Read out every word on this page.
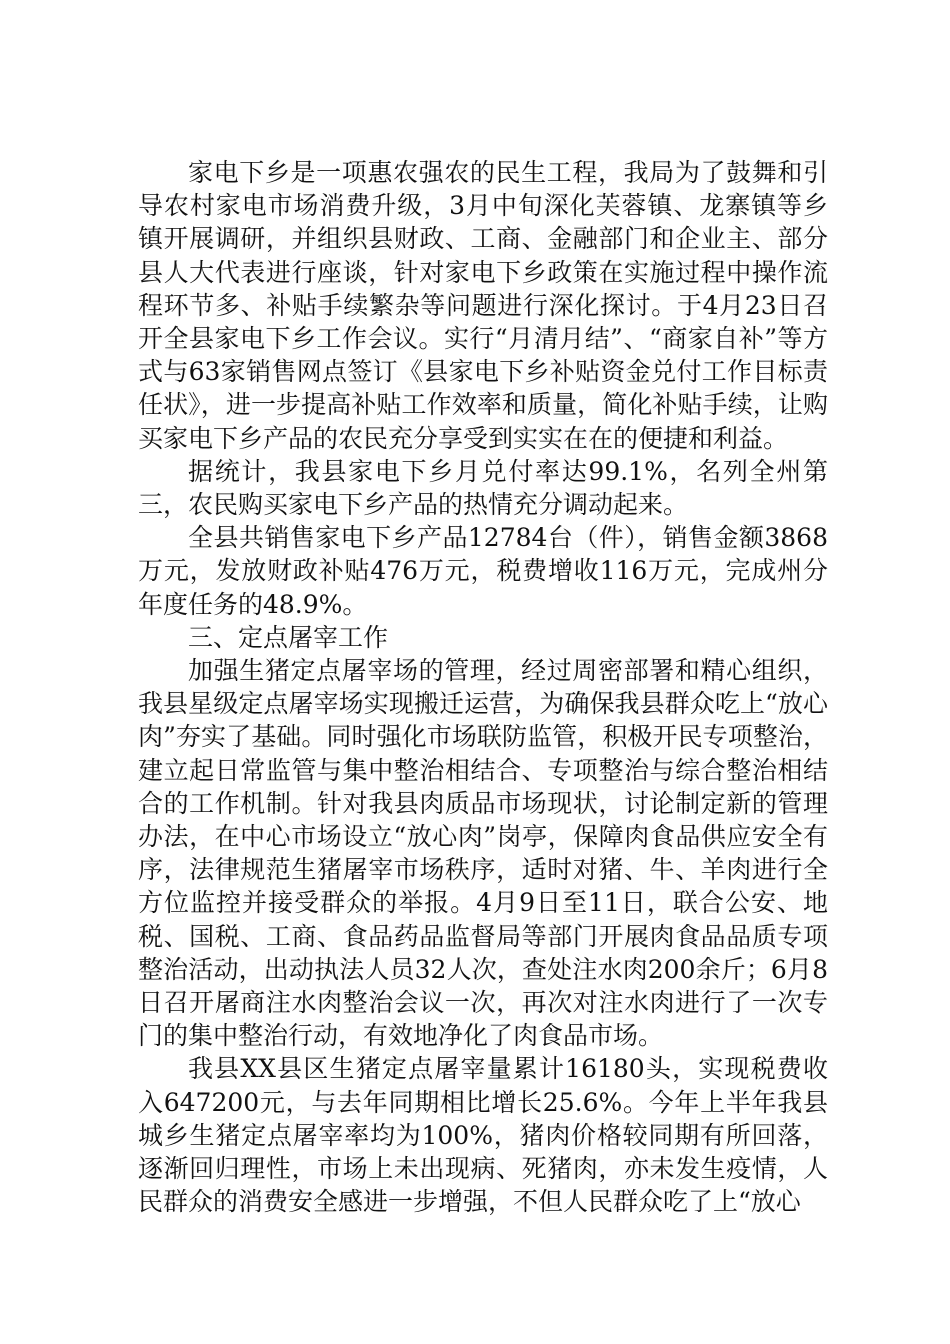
家电下乡是一项惠农强农的民生工程，我局为了鼓舞和引导农村家电市场消费升级，3月中旬深化芙蓉镇、龙寨镇等乡镇开展调研，并组织县财政、工商、金融部门和企业主、部分县人大代表进行座谈，针对家电下乡政策在实施过程中操作流程环节多、补贴手续繁杂等问题进行深化探讨。于4月23日召开全县家电下乡工作会议。实行“月清月结”、“商家自补”等方式与63家销售网点签订《县家电下乡补贴资金兑付工作目标责任状》，进一步提高补贴工作效率和质量，简化补贴手续，让购买家电下乡产品的农民充分享受到实实在在的便捷和利益。

据统计，我县家电下乡月兑付率达99.1%，名列全州第三，农民购买家电下乡产品的热情充分调动起来。

全县共销售家电下乡产品12784台（件），销售金额3868万元，发放财政补贴476万元，税费增收116万元，完成州分年度任务的48.9%。

三、定点屠宰工作

加强生猪定点屠宰场的管理，经过周密部署和精心组织，我县星级定点屠宰场实现搬迁运营，为确保我县群众吃上“放心肉”夯实了基础。同时强化市场联防监管，积极开民专项整治，建立起日常监管与集中整治相结合、专项整治与综合整治相结合的工作机制。针对我县肉质品市场现状，讨论制定新的管理办法，在中心市场设立“放心肉”岗亭，保障肉食品供应安全有序，法律规范生猪屠宰市场秩序，适时对猪、牛、羊肉进行全方位监控并接受群众的举报。4月9日至11日，联合公安、地税、国税、工商、食品药品监督局等部门开展肉食品品质专项整治活动，出动执法人员32人次，查处注水肉200余斤；6月8日召开屠商注水肉整治会议一次，再次对注水肉进行了一次专门的集中整治行动，有效地净化了肉食品市场。

我县XX县区生猪定点屠宰量累计16180头，实现税费收入647200元，与去年同期相比增长25.6%。今年上半年我县城乡生猪定点屠宰率均为100%，猪肉价格较同期有所回落，逐渐回归理性，市场上未出现病、死猪肉，亦未发生疫情，人民群众的消费安全感进一步增强，不但人民群众吃了上“放心
